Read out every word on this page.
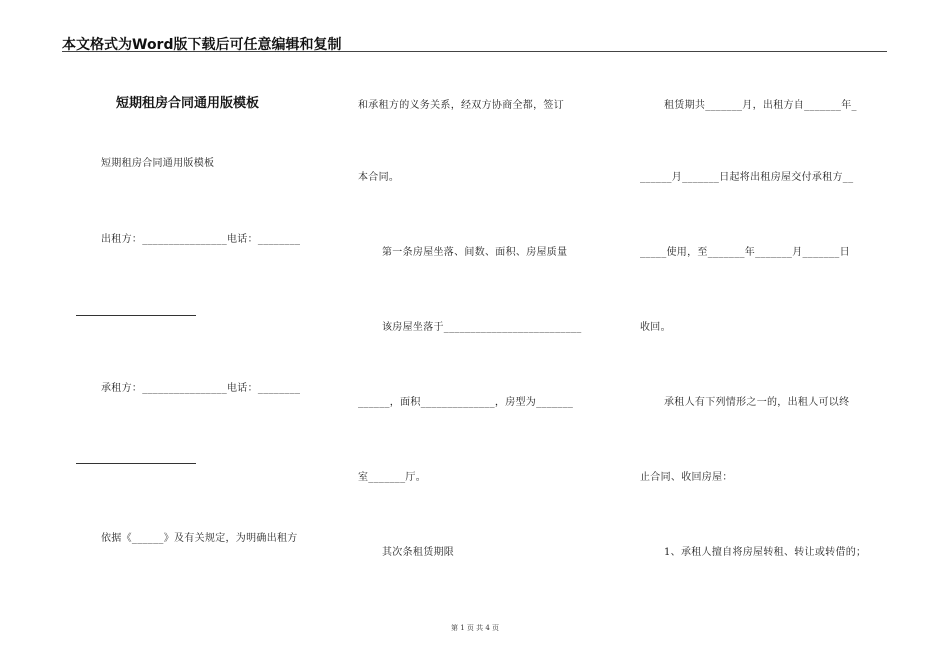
本文格式为Word版下载后可任意编辑和复制
短期租房合同通用版模板
短期租房合同通用版模板
出租方：________________电话：________
承租方：________________电话：________
依据《______》及有关规定，为明确出租方
和承租方的义务关系，经双方协商全都，签订
本合同。
第一条房屋坐落、间数、面积、房屋质量
该房屋坐落于__________________________
______，面积______________，房型为_______
室_______厅。
其次条租赁期限
租赁期共_______月，出租方自_______年_
______月_______日起将出租房屋交付承租方__
_____使用，至_______年_______月_______日
收回。
承租人有下列情形之一的，出租人可以终
止合同、收回房屋：
1、承租人擅自将房屋转租、转让或转借的；
第 1 页 共 4 页
